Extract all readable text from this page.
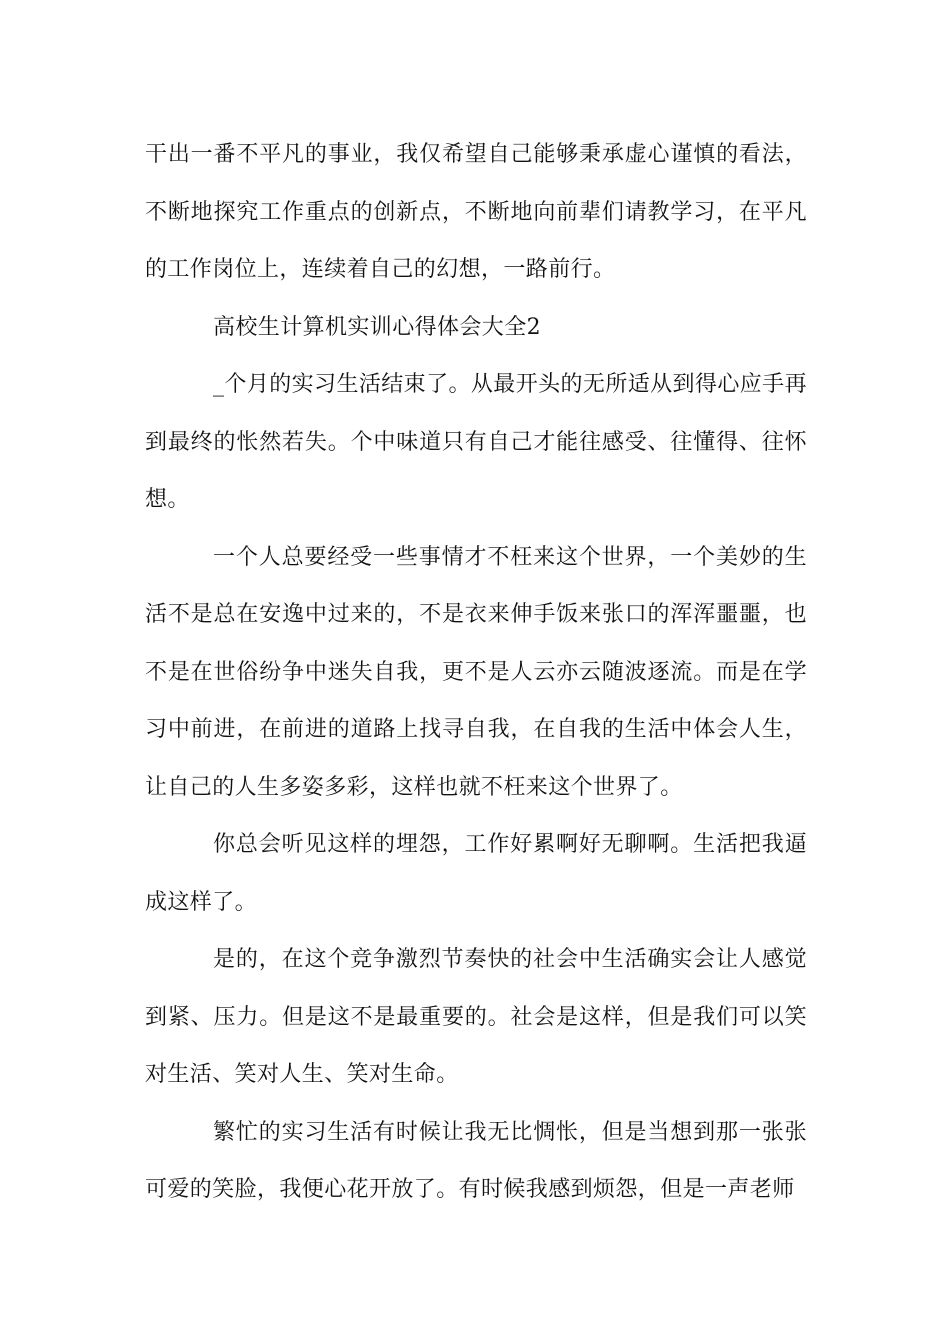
干出一番不平凡的事业，我仅希望自己能够秉承虚心谨慎的看法，不断地探究工作重点的创新点，不断地向前辈们请教学习，在平凡的工作岗位上，连续着自己的幻想，一路前行。

高校生计算机实训心得体会大全2

_个月的实习生活结束了。从最开头的无所适从到得心应手再到最终的怅然若失。个中味道只有自己才能往感受、往懂得、往怀想。

一个人总要经受一些事情才不枉来这个世界，一个美妙的生活不是总在安逸中过来的，不是衣来伸手饭来张口的浑浑噩噩，也不是在世俗纷争中迷失自我，更不是人云亦云随波逐流。而是在学习中前进，在前进的道路上找寻自我，在自我的生活中体会人生，让自己的人生多姿多彩，这样也就不枉来这个世界了。

你总会听见这样的埋怨，工作好累啊好无聊啊。生活把我逼成这样了。

是的，在这个竞争激烈节奏快的社会中生活确实会让人感觉到紧、压力。但是这不是最重要的。社会是这样，但是我们可以笑对生活、笑对人生、笑对生命。

繁忙的实习生活有时候让我无比惆怅，但是当想到那一张张可爱的笑脸，我便心花开放了。有时候我感到烦怨，但是一声老师
